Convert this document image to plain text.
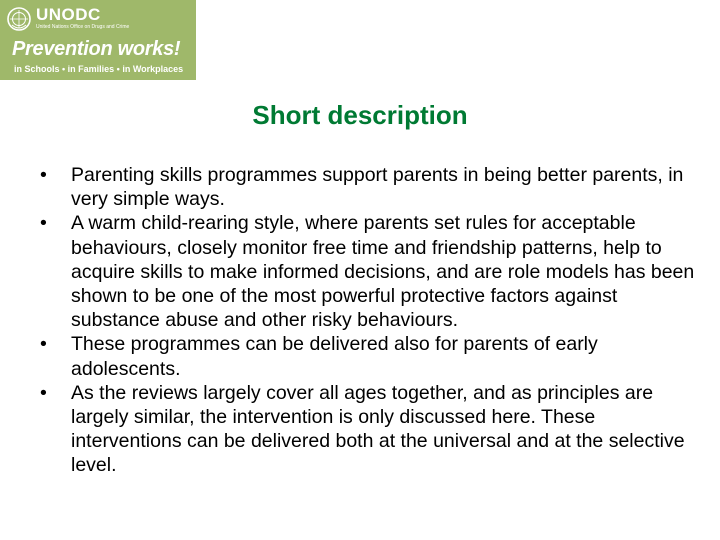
UNODC
United Nations Office on Drugs and Crime
Prevention works!
in Schools • in Families • in Workplaces
Short description
• Parenting skills programmes support parents in being better parents, in very simple ways.
• A warm child-rearing style, where parents set rules for acceptable behaviours, closely monitor free time and friendship patterns, help to acquire skills to make informed decisions, and are role models has been shown to be one of the most powerful protective factors against substance abuse and other risky behaviours.
• These programmes can be delivered also for parents of early adolescents.
• As the reviews largely cover all ages together, and as principles are largely similar, the intervention is only discussed here. These interventions can be delivered both at the universal and at the selective level.
